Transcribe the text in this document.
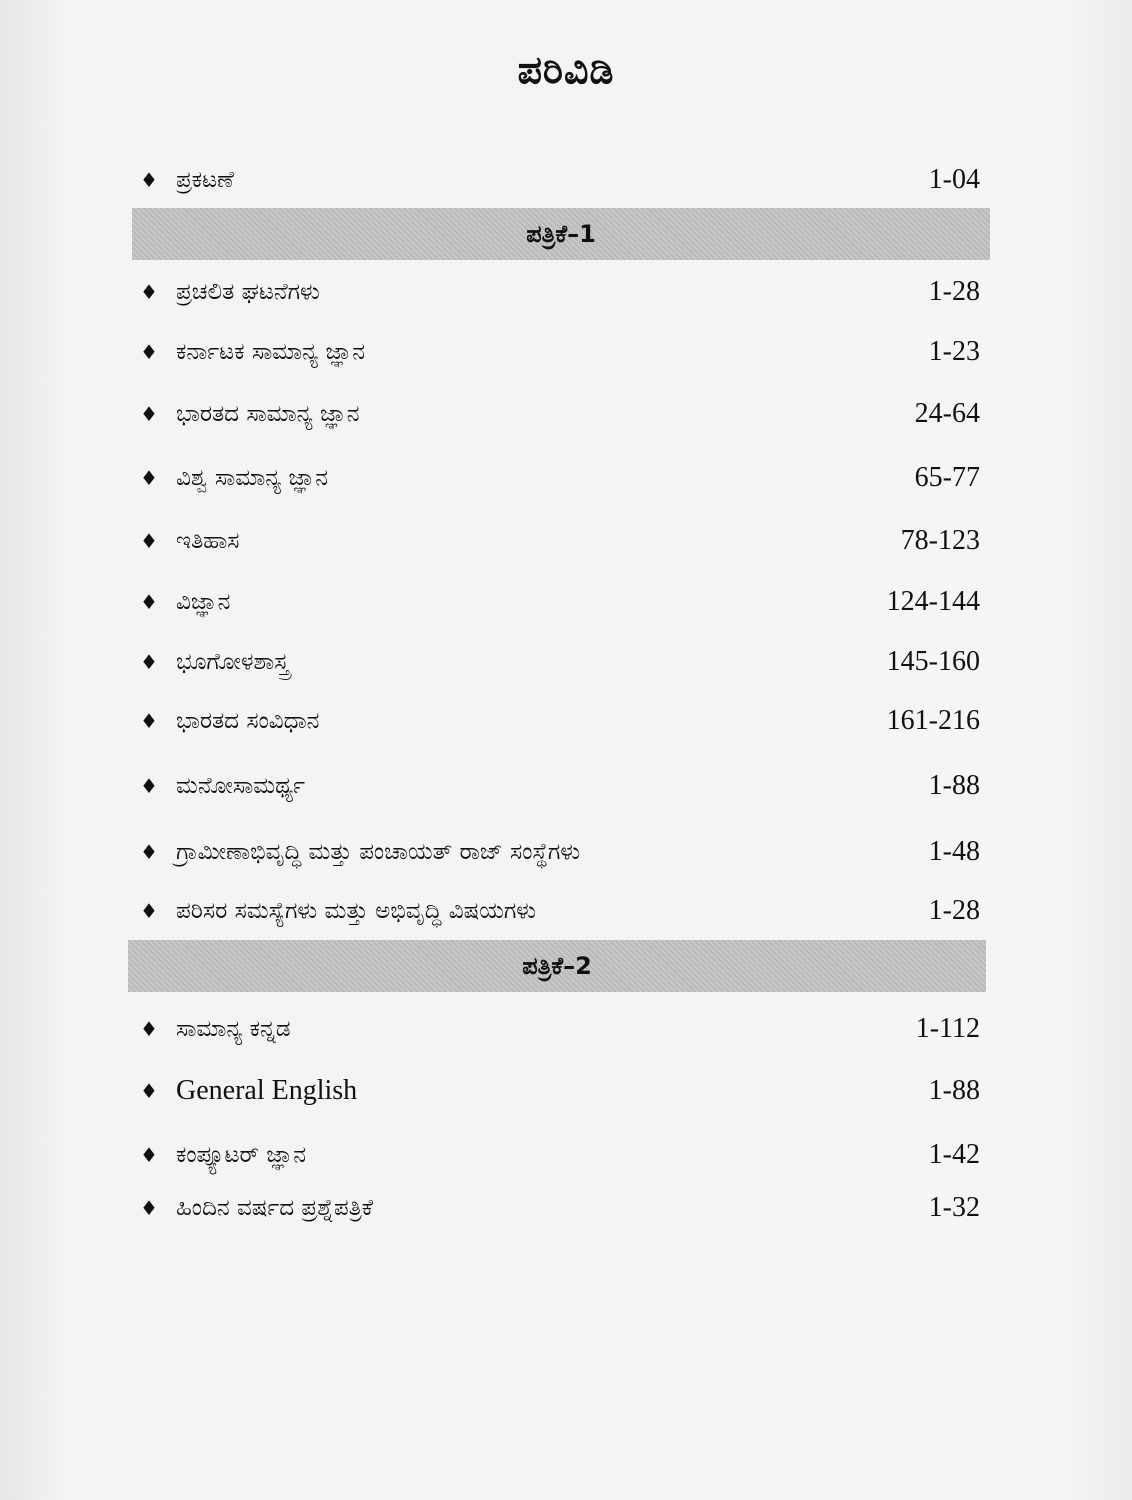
ಪರಿವಿಡಿ
♦ ಪ್ರಕಟಣೆ	1-04
ಪತ್ರಿಕೆ–1
♦ ಪ್ರಚಲಿತ ಘಟನೆಗಳು	1-28
♦ ಕರ್ನಾಟಕ ಸಾಮಾನ್ಯ ಜ್ಞಾನ	1-23
♦ ಭಾರತದ ಸಾಮಾನ್ಯ ಜ್ಞಾನ	24-64
♦ ವಿಶ್ವ ಸಾಮಾನ್ಯ ಜ್ಞಾನ	65-77
♦ ಇತಿಹಾಸ	78-123
♦ ವಿಜ್ಞಾನ	124-144
♦ ಭೂಗೋಳಶಾಸ್ತ್ರ	145-160
♦ ಭಾರತದ ಸಂವಿಧಾನ	161-216
♦ ಮನೋಸಾಮರ್ಥ್ಯ	1-88
♦ ಗ್ರಾಮೀಣಾಭಿವೃದ್ಧಿ ಮತ್ತು ಪಂಚಾಯತ್ ರಾಜ್ ಸಂಸ್ಥೆಗಳು	1-48
♦ ಪರಿಸರ ಸಮಸ್ಯೆಗಳು ಮತ್ತು ಅಭಿವೃದ್ಧಿ ವಿಷಯಗಳು	1-28
ಪತ್ರಿಕೆ–2
♦ ಸಾಮಾನ್ಯ ಕನ್ನಡ	1-112
♦ General English	1-88
♦ ಕಂಪ್ಯೂಟರ್ ಜ್ಞಾನ	1-42
♦ ಹಿಂದಿನ ವರ್ಷದ ಪ್ರಶ್ನೆಪತ್ರಿಕೆ	1-32
